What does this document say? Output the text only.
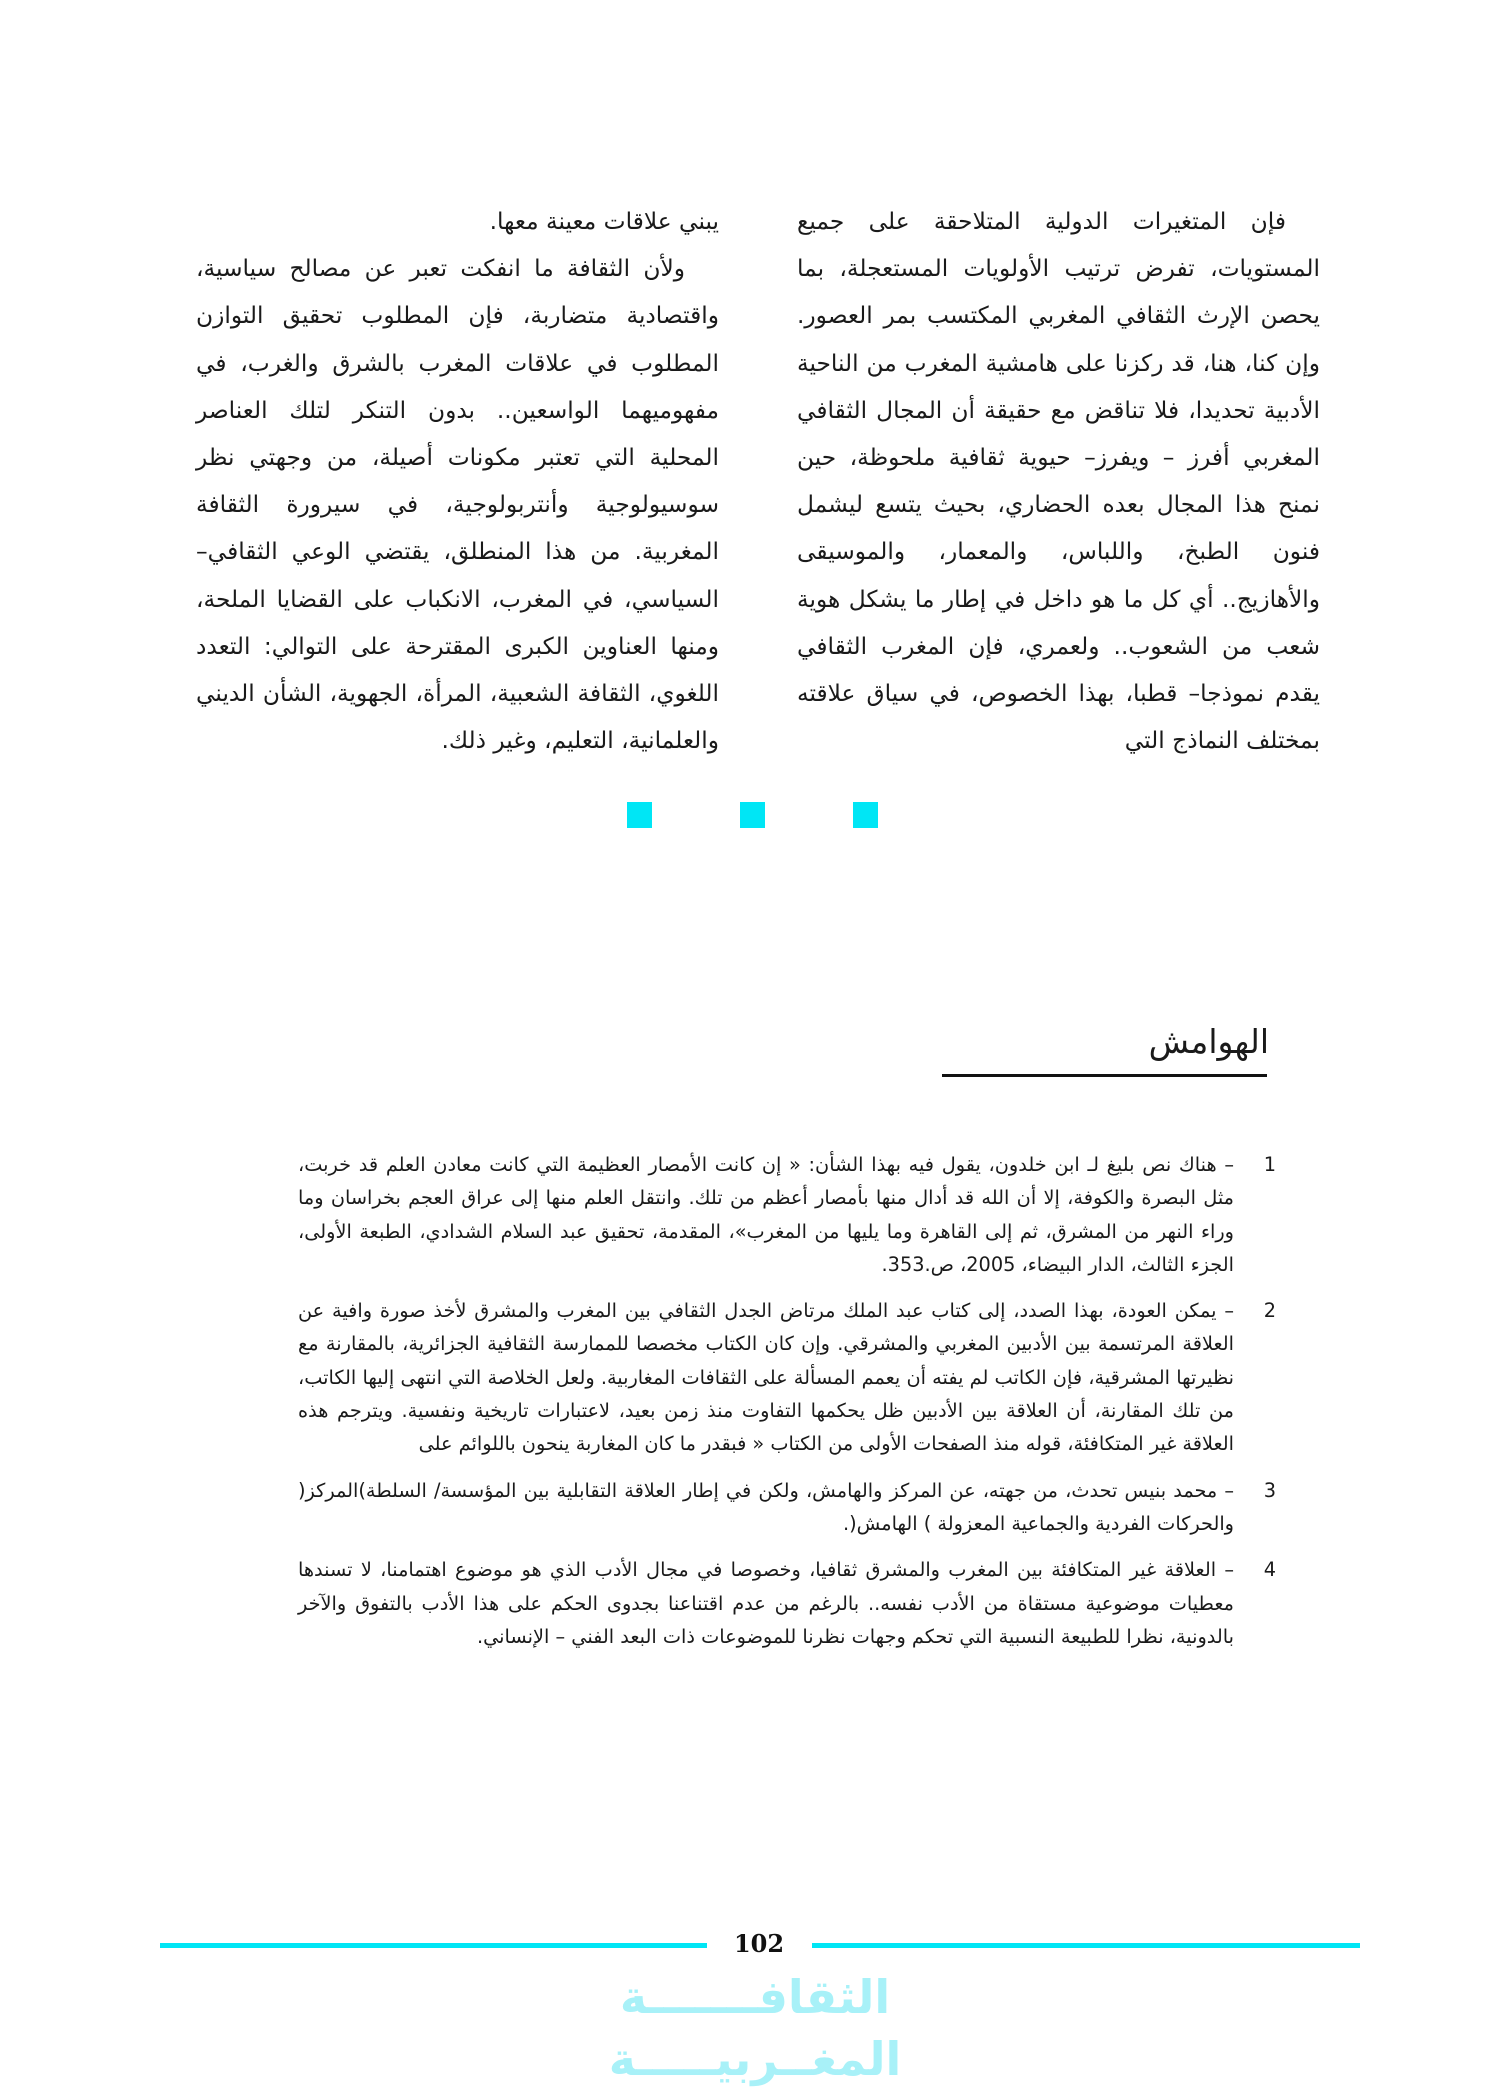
فإن المتغيرات الدولية المتلاحقة على جميع المستويات، تفرض ترتيب الأولويات المستعجلة، بما يحصن الإرث الثقافي المغربي المكتسب بمر العصور. وإن كنا، هنا، قد ركزنا على هامشية المغرب من الناحية الأدبية تحديدا، فلا تناقض مع حقيقة أن المجال الثقافي المغربي أفرز – ويفرز– حيوية ثقافية ملحوظة، حين نمنح هذا المجال بعده الحضاري، بحيث يتسع ليشمل فنون الطبخ، واللباس، والمعمار، والموسيقى والأهازيج.. أي كل ما هو داخل في إطار ما يشكل هوية شعب من الشعوب.. ولعمري، فإن المغرب الثقافي يقدم نموذجا– قطبا، بهذا الخصوص، في سياق علاقته بمختلف النماذج التي

يبني علاقات معينة معها.

ولأن الثقافة ما انفكت تعبر عن مصالح سياسية، واقتصادية متضاربة، فإن المطلوب تحقيق التوازن المطلوب في علاقات المغرب بالشرق والغرب، في مفهوميهما الواسعين.. بدون التنكر لتلك العناصر المحلية التي تعتبر مكونات أصيلة، من وجهتي نظر سوسيولوجية وأنتربولوجية، في سيرورة الثقافة المغربية. من هذا المنطلق، يقتضي الوعي الثقافي– السياسي، في المغرب، الانكباب على القضايا الملحة، ومنها العناوين الكبرى المقترحة على التوالي: التعدد اللغوي، الثقافة الشعبية، المرأة، الجهوية، الشأن الديني والعلمانية، التعليم، وغير ذلك.

الهوامش
1
– هناك نص بليغ لـ ابن خلدون، يقول فيه بهذا الشأن: « إن كانت الأمصار العظيمة التي كانت معادن العلم قد خربت، مثل البصرة والكوفة، إلا أن الله قد أدال منها بأمصار أعظم من تلك. وانتقل العلم منها إلى عراق العجم بخراسان وما وراء النهر من المشرق، ثم إلى القاهرة وما يليها من المغرب»، المقدمة، تحقيق عبد السلام الشدادي، الطبعة الأولى، الجزء الثالث، الدار البيضاء، 2005، ص.353.
2
– يمكن العودة، بهذا الصدد، إلى كتاب عبد الملك مرتاض الجدل الثقافي بين المغرب والمشرق لأخذ صورة وافية عن العلاقة المرتسمة بين الأدبين المغربي والمشرقي. وإن كان الكتاب مخصصا للممارسة الثقافية الجزائرية، بالمقارنة مع نظيرتها المشرقية، فإن الكاتب لم يفته أن يعمم المسألة على الثقافات المغاربية. ولعل الخلاصة التي انتهى إليها الكاتب، من تلك المقارنة، أن العلاقة بين الأدبين ظل يحكمها التفاوت منذ زمن بعيد، لاعتبارات تاريخية ونفسية. ويترجم هذه العلاقة غير المتكافئة، قوله منذ الصفحات الأولى من الكتاب « فبقدر ما كان المغاربة ينحون باللوائم على
3
– محمد بنيس تحدث، من جهته، عن المركز والهامش، ولكن في إطار العلاقة التقابلية بين المؤسسة/ السلطة)المركز( والحركات الفردية والجماعية المعزولة ) الهامش(.
4
– العلاقة غير المتكافئة بين المغرب والمشرق ثقافيا، وخصوصا في مجال الأدب الذي هو موضوع اهتمامنا، لا تسندها معطيات موضوعية مستقاة من الأدب نفسه.. بالرغم من عدم اقتناعنا بجدوى الحكم على هذا الأدب بالتفوق والآخر بالدونية، نظرا للطبيعة النسبية التي تحكم وجهات نظرنا للموضوعات ذات البعد الفني – الإنساني.
102
الثقافـــــــة المغــربيـــــة
